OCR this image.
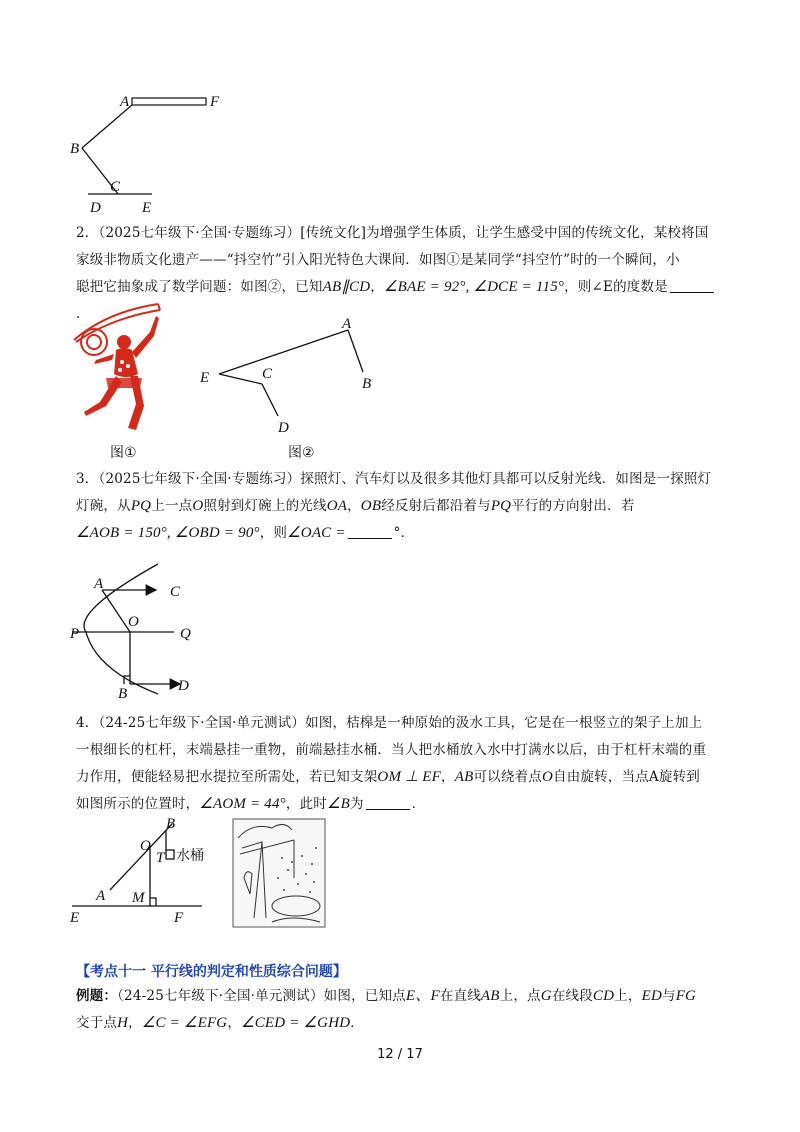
A	F
B
C
D	E
2．（2025七年级下·全国·专题练习）[传统文化]为增强学生体质，让学生感受中国的传统文化，某校将国
家级非物质文化遗产——“抖空竹”引入阳光特色大课间．如图①是某同学“抖空竹”时的一个瞬间，小
聪把它抽象成了数学问题：如图②，已知AB∥CD，∠BAE = 92°, ∠DCE = 115°，则∠E的度数是．
图①
A
B
C
D
E
图②
3．（2025七年级下·全国·专题练习）探照灯、汽车灯以及很多其他灯具都可以反射光线．如图是一探照灯
灯碗，从PQ上一点O照射到灯碗上的光线OA，OB经反射后都沿着与PQ平行的方向射出．若
∠AOB = 150°, ∠OBD = 90°，则∠OAC =	°．
A	C
O
P	Q
B	D
4．（24-25七年级下·全国·单元测试）如图，桔槔是一种原始的汲水工具，它是在一根竖立的架子上加上
一根细长的杠杆，末端悬挂一重物，前端悬挂水桶．当人把水桶放入水中打满水以后，由于杠杆末端的重
力作用，便能轻易把水提拉至所需处，若已知支架OM ⊥ EF，AB可以绕着点O自由旋转，当点A旋转到
如图所示的位置时，∠AOM = 44°，此时∠B为	．
B
O
T 水桶
A M
E	F
【考点十一 平行线的判定和性质综合问题】
例题：（24-25七年级下·全国·单元测试）如图，已知点E、F在直线AB上，点G在线段CD上，ED与FG
交于点H，∠C = ∠EFG，∠CED = ∠GHD．
12 / 17
